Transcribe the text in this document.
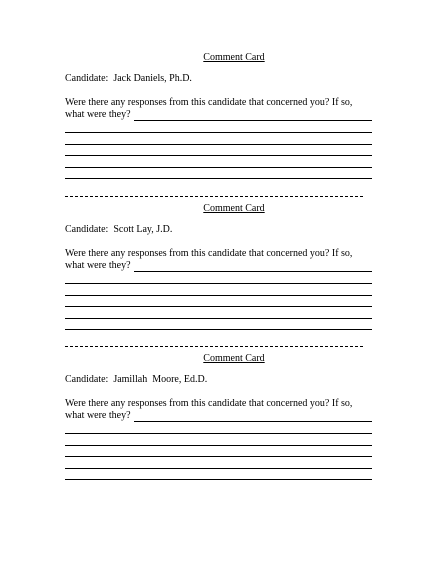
Comment Card
Candidate:  Jack Daniels, Ph.D.
Were there any responses from this candidate that concerned you? If so,
what were they?
Comment Card
Candidate:  Scott Lay, J.D.
Were there any responses from this candidate that concerned you? If so,
what were they?
Comment Card
Candidate:  Jamillah  Moore, Ed.D.
Were there any responses from this candidate that concerned you? If so,
what were they?
